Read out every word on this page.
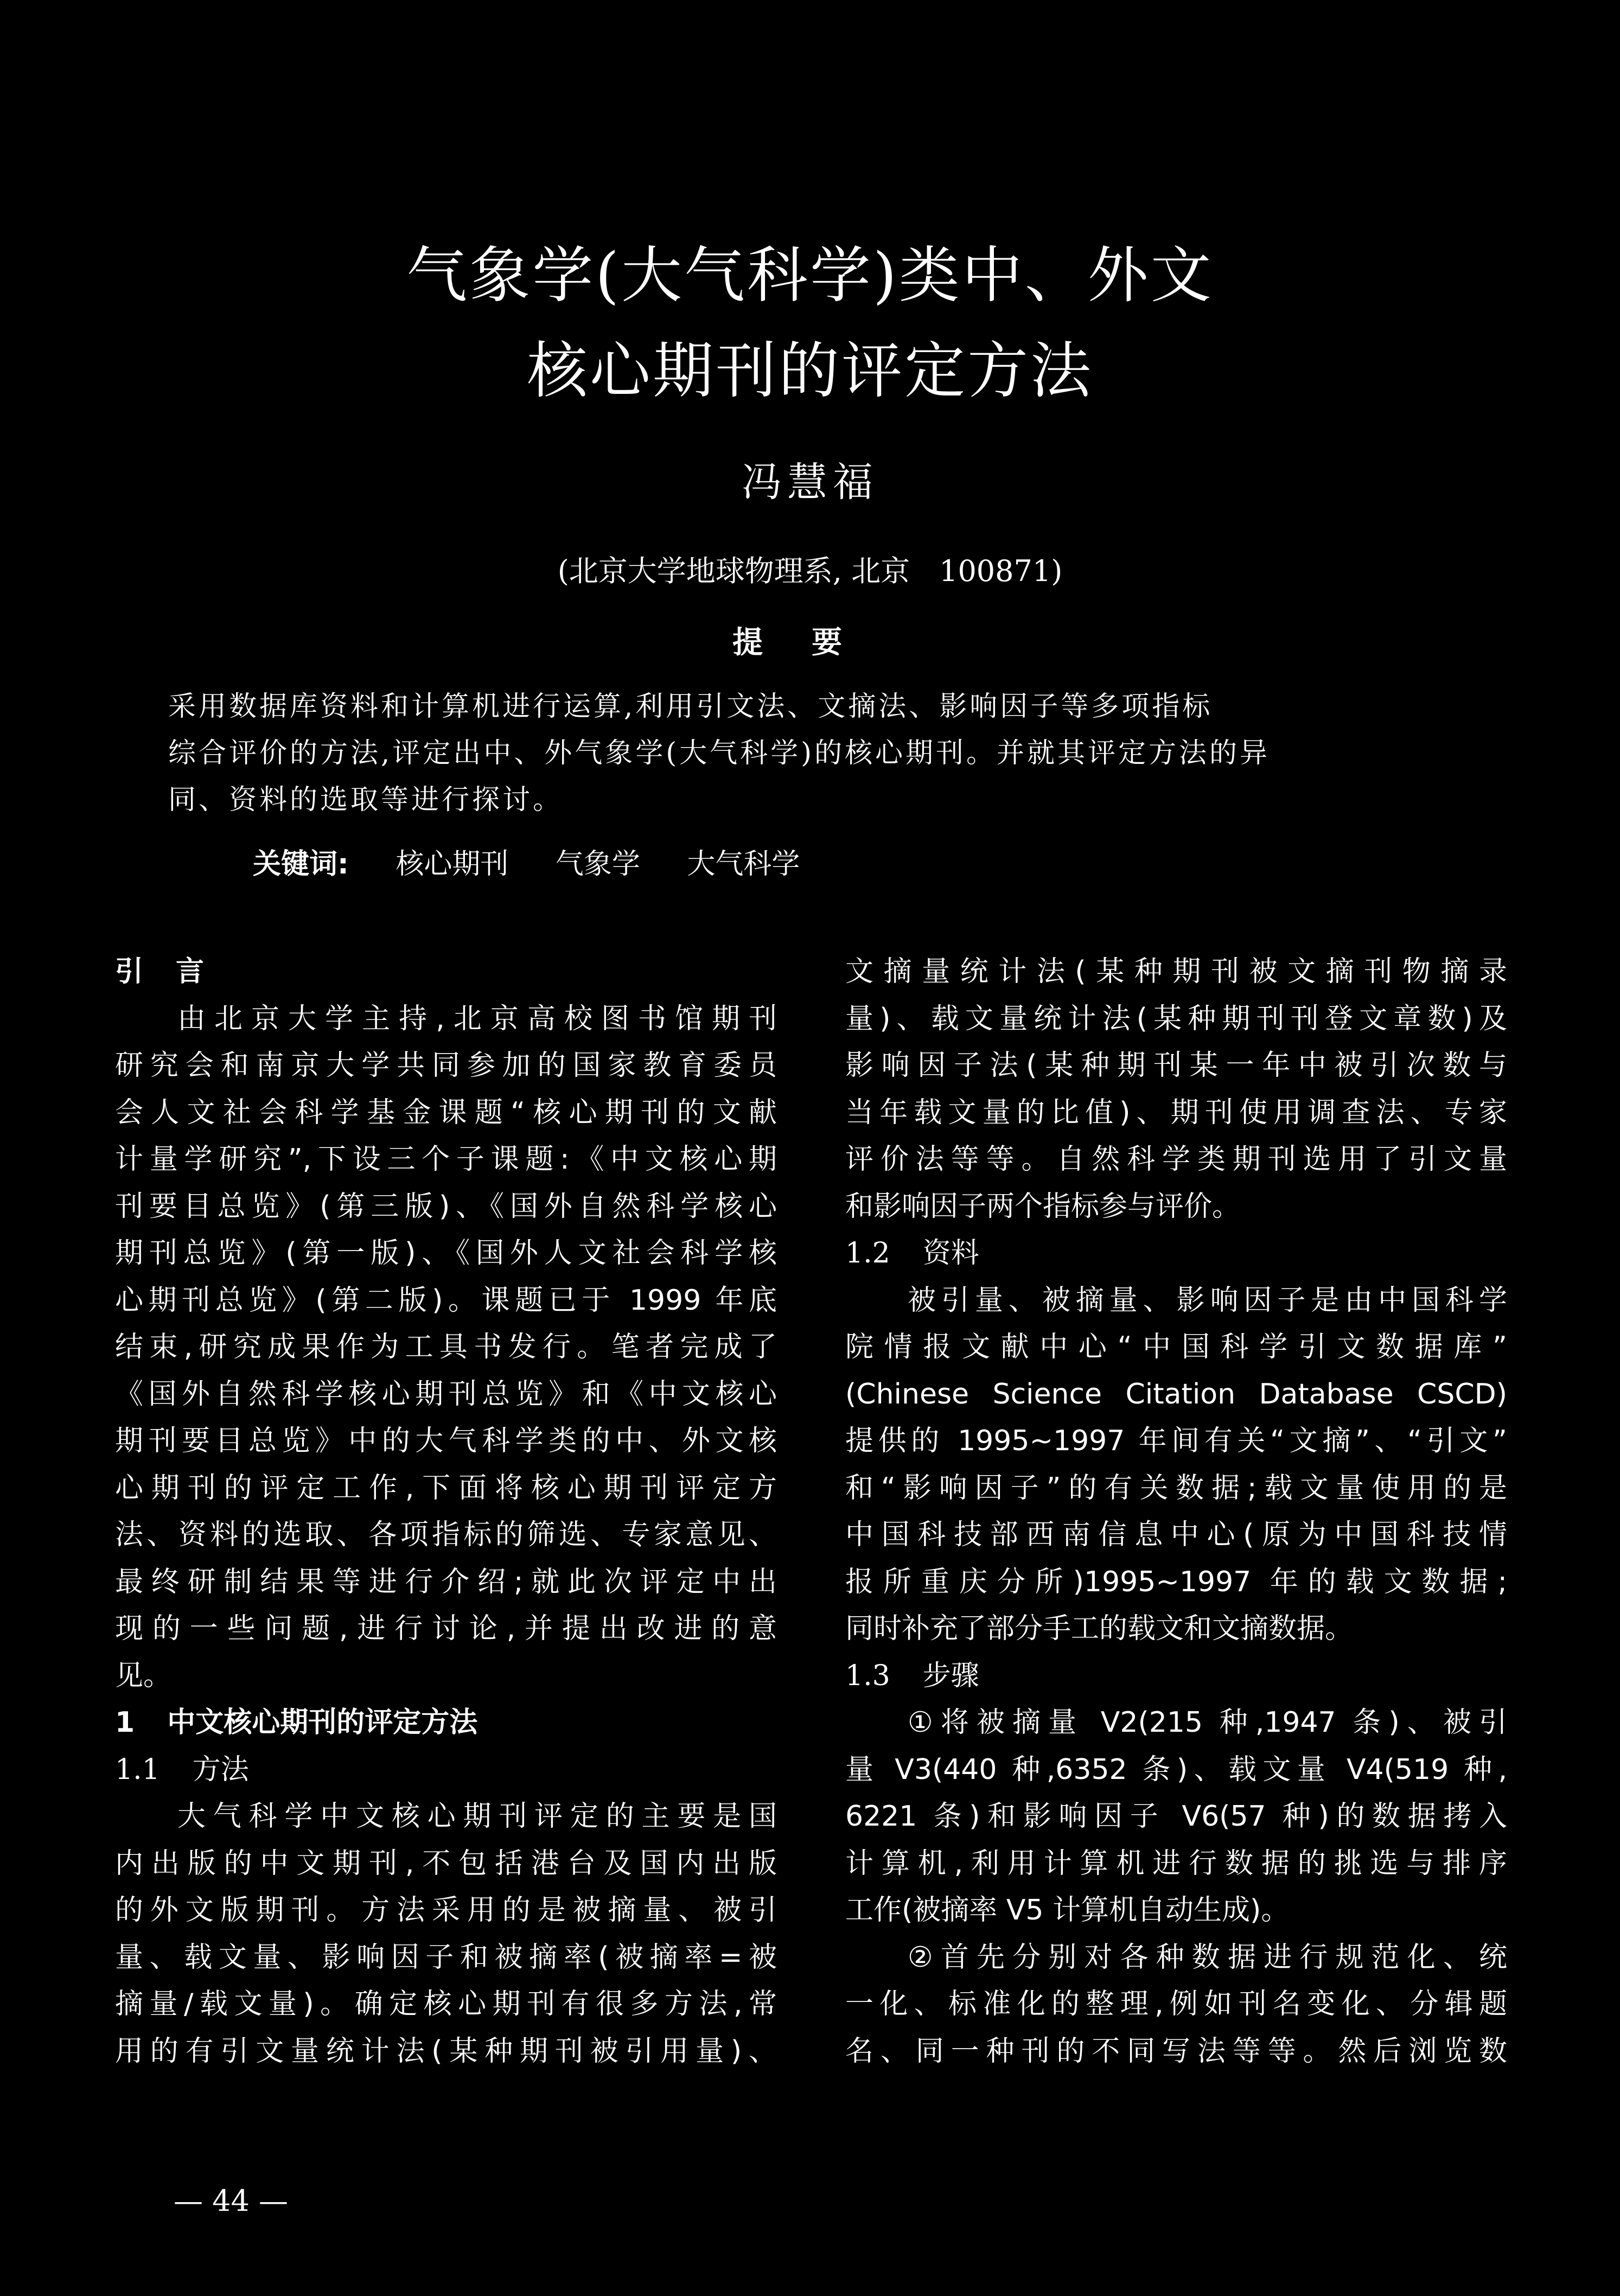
气象学(大气科学)类中、外文
核心期刊的评定方法
冯慧福
(北京大学地球物理系, 北京　100871)
提要
采用数据库资料和计算机进行运算,利用引文法、文摘法、影响因子等多项指标
综合评价的方法,评定出中、外气象学(大气科学)的核心期刊。并就其评定方法的异
同、资料的选取等进行探讨。
关键词: 核心期刊 气象学 大气科学
引 言
由北京大学主持,北京高校图书馆期刊
研究会和南京大学共同参加的国家教育委员
会人文社会科学基金课题“核心期刊的文献
计量学研究”,下设三个子课题:《中文核心期
刊要目总览》(第三版)、《国外自然科学核心
期刊总览》(第一版)、《国外人文社会科学核
心期刊总览》(第二版)。课题已于 1999 年底
结束,研究成果作为工具书发行。笔者完成了
《国外自然科学核心期刊总览》和《中文核心
期刊要目总览》中的大气科学类的中、外文核
心期刊的评定工作,下面将核心期刊评定方
法、资料的选取、各项指标的筛选、专家意见、
最终研制结果等进行介绍;就此次评定中出
现的一些问题,进行讨论,并提出改进的意
见。
1 中文核心期刊的评定方法
1.1 方法
大气科学中文核心期刊评定的主要是国
内出版的中文期刊,不包括港台及国内出版
的外文版期刊。方法采用的是被摘量、被引
量、载文量、影响因子和被摘率(被摘率=被
摘量/载文量)。确定核心期刊有很多方法,常
用的有引文量统计法(某种期刊被引用量)、
文摘量统计法(某种期刊被文摘刊物摘录
量)、载文量统计法(某种期刊刊登文章数)及
影响因子法(某种期刊某一年中被引次数与
当年载文量的比值)、期刊使用调查法、专家
评价法等等。自然科学类期刊选用了引文量
和影响因子两个指标参与评价。
1.2 资料
被引量、被摘量、影响因子是由中国科学
院情报文献中心“中国科学引文数据库”
(Chinese Science Citation Database CSCD)
提供的 1995~1997 年间有关“文摘”、“引文”
和“影响因子”的有关数据;载文量使用的是
中国科技部西南信息中心(原为中国科技情
报所重庆分所)1995~1997 年的载文数据;
同时补充了部分手工的载文和文摘数据。
1.3 步骤
①将被摘量 V2(215 种,1947 条)、被引
量 V3(440 种,6352 条)、载文量 V4(519 种,
6221 条)和影响因子 V6(57 种)的数据拷入
计算机,利用计算机进行数据的挑选与排序
工作(被摘率 V5 计算机自动生成)。
②首先分别对各种数据进行规范化、统
一化、标准化的整理,例如刊名变化、分辑题
名、同一种刊的不同写法等等。然后浏览数
— 44 —
